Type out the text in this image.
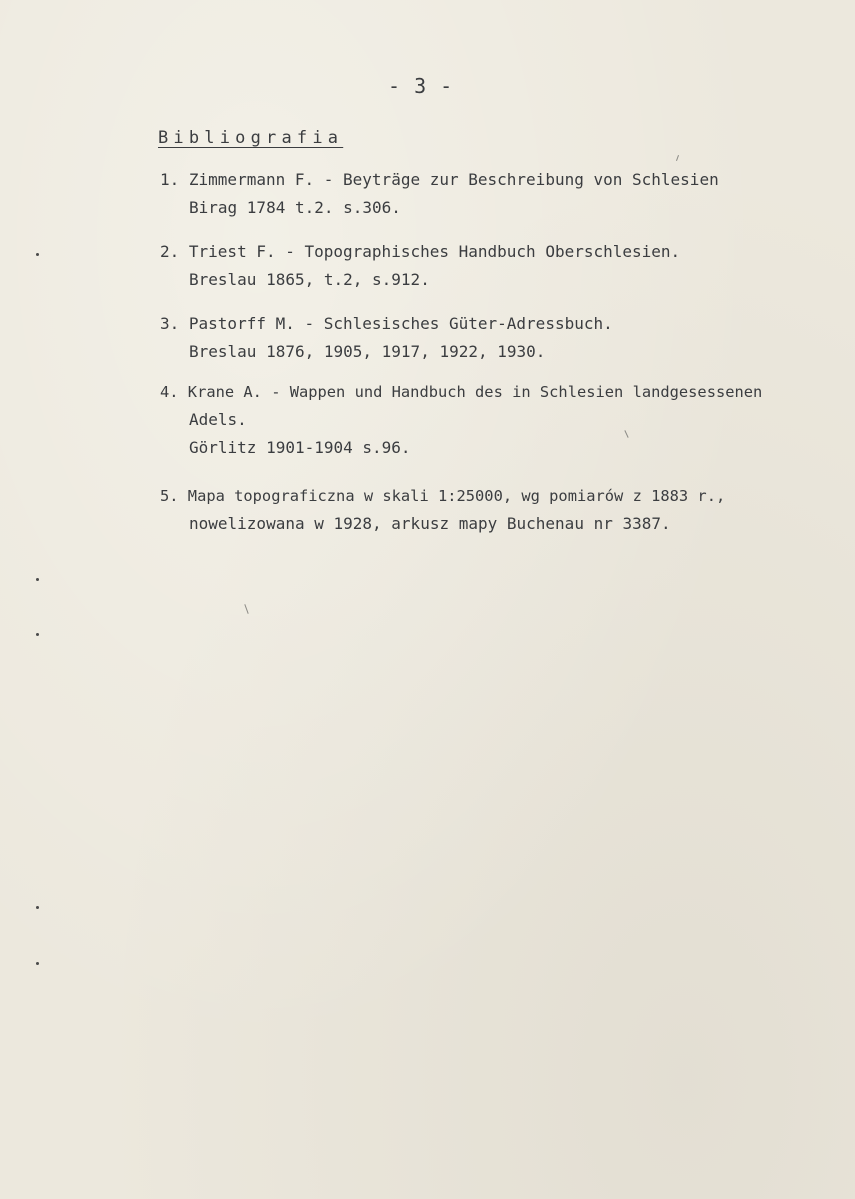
- 3 -
Bibliografia
1. Zimmermann F. - Beyträge zur Beschreibung von Schlesien
Birag 1784 t.2. s.306.
2. Triest F. - Topographisches Handbuch Oberschlesien.
Breslau 1865, t.2, s.912.
3. Pastorff M. - Schlesisches Güter-Adressbuch.
Breslau 1876, 1905, 1917, 1922, 1930.
4. Krane A. - Wappen und Handbuch des in Schlesien landgesessenen
Adels.
Görlitz 1901-1904 s.96.
5. Mapa topograficzna w skali 1:25000, wg pomiarów z 1883 r.,
nowelizowana w 1928, arkusz mapy Buchenau nr 3387.
